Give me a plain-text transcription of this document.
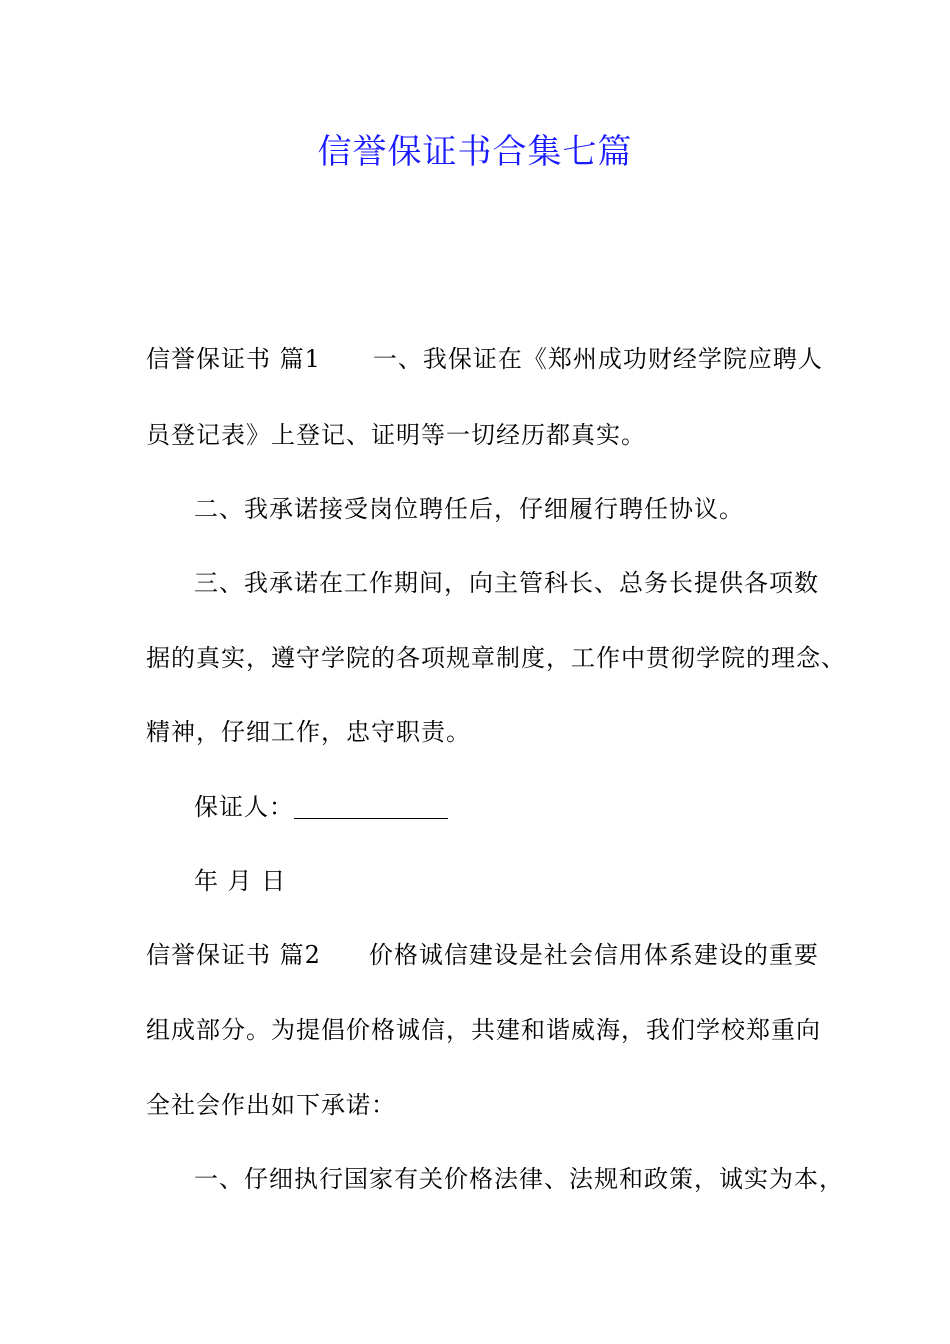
信誉保证书合集七篇
信誉保证书 篇1 一、我保证在《郑州成功财经学院应聘人
员登记表》上登记、证明等一切经历都真实。
二、我承诺接受岗位聘任后，仔细履行聘任协议。
三、我承诺在工作期间，向主管科长、总务长提供各项数
据的真实，遵守学院的各项规章制度，工作中贯彻学院的理念、
精神，仔细工作，忠守职责。
保证人：
年 月 日
信誉保证书 篇2 价格诚信建设是社会信用体系建设的重要
组成部分。为提倡价格诚信，共建和谐威海，我们学校郑重向
全社会作出如下承诺：
一、仔细执行国家有关价格法律、法规和政策，诚实为本，
